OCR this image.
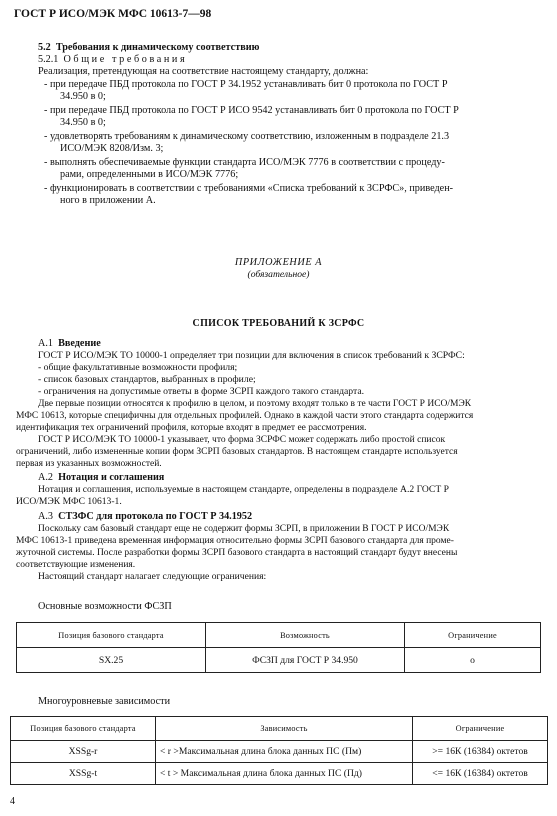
ГОСТ Р ИСО/МЭК МФС 10613-7—98
5.2 Требования к динамическому соответствию
5.2.1 Общие требования
Реализация, претендующая на соответствие настоящему стандарту, должна:
- при передаче ПБД протокола по ГОСТ Р 34.1952 устанавливать бит 0 протокола по ГОСТ Р
34.950 в 0;
- при передаче ПБД протокола по ГОСТ Р ИСО 9542 устанавливать бит 0 протокола по ГОСТ Р
34.950 в 0;
- удовлетворять требованиям к динамическому соответствию, изложенным в подразделе 21.3
ИСО/МЭК 8208/Изм. 3;
- выполнять обеспечиваемые функции стандарта ИСО/МЭК 7776 в соответствии с процеду-
рами, определенными в ИСО/МЭК 7776;
- функционировать в соответствии с требованиями «Списка требований к ЗСРФС», приведен-
ного в приложении А.
ПРИЛОЖЕНИЕ А
(обязательное)
СПИСОК ТРЕБОВАНИЙ К ЗСРФС
А.1 Введение
ГОСТ Р ИСО/МЭК ТО 10000-1 определяет три позиции для включения в список требований к ЗСРФС:
- общие факультативные возможности профиля;
- список базовых стандартов, выбранных в профиле;
- ограничения на допустимые ответы в форме ЗСРП каждого такого стандарта.
Две первые позиции относятся к профилю в целом, и поэтому входят только в те части ГОСТ Р ИСО/МЭК
МФС 10613, которые специфичны для отдельных профилей. Однако в каждой части этого стандарта содержится
идентификация тех ограничений профиля, которые входят в предмет ее рассмотрения.
ГОСТ Р ИСО/МЭК ТО 10000-1 указывает, что форма ЗСРФС может содержать либо простой список
ограничений, либо измененные копии форм ЗСРП базовых стандартов. В настоящем стандарте используется
первая из указанных возможностей.
А.2 Нотация и соглашения
Нотация и соглашения, используемые в настоящем стандарте, определены в подразделе А.2 ГОСТ Р
ИСО/МЭК МФС 10613-1.
А.3 СТЗФС для протокола по ГОСТ Р 34.1952
Поскольку сам базовый стандарт еще не содержит формы ЗСРП, в приложении В ГОСТ Р ИСО/МЭК
МФС 10613-1 приведена временная информация относительно формы ЗСРП базового стандарта для проме-
жуточной системы. После разработки формы ЗСРП базового стандарта в настоящий стандарт будут внесены
соответствующие изменения.
Настоящий стандарт налагает следующие ограничения:
Основные возможности ФСЗП
Позиция базового стандарта	Возможность	Ограничение
SX.25	ФСЗП для ГОСТ Р 34.950	о
Многоуровневые зависимости
Позиция базового стандарта	Зависимость	Ограничение
XSSg-r	< r >Максимальная длина блока данных ПС (Пм)	>= 16К (16384) октетов
XSSg-t	< t > Максимальная длина блока данных ПС (Пд)	<= 16К (16384) октетов
4
